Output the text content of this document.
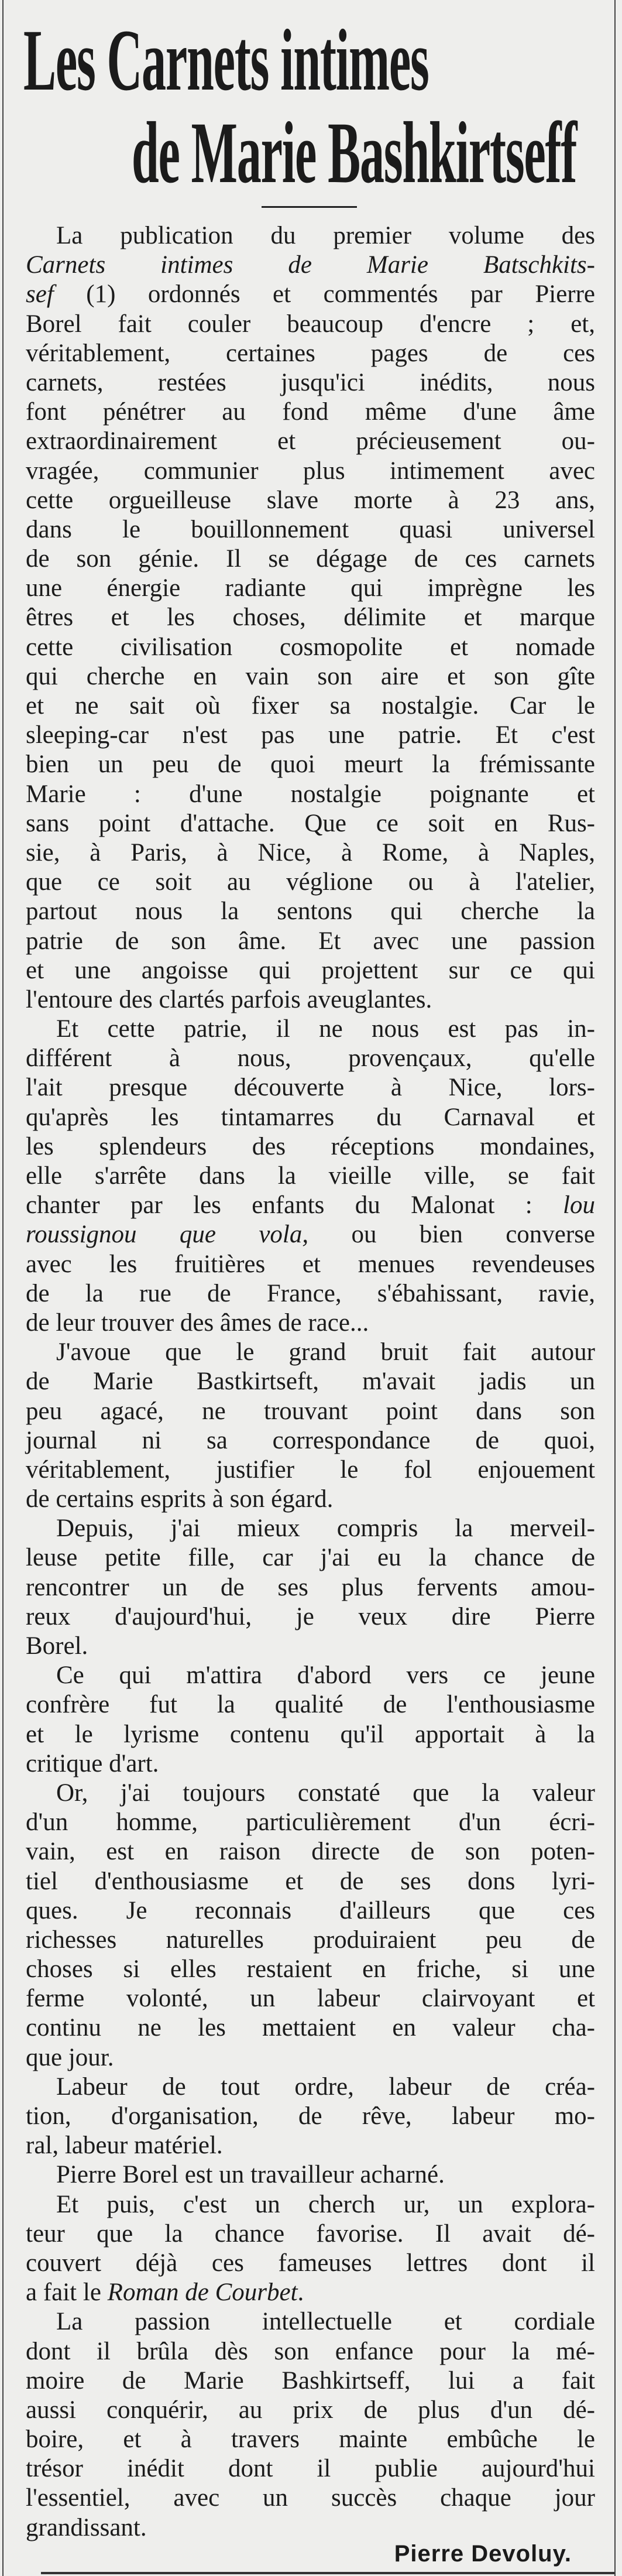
Les Carnets intimes
de Marie Bashkirtseff
La publication du premier volume des
Carnets intimes de Marie Batschkits-
sef (1) ordonnés et commentés par Pierre
Borel fait couler beaucoup d'encre ; et,
véritablement, certaines pages de ces
carnets, restées jusqu'ici inédits, nous
font pénétrer au fond même d'une âme
extraordinairement et précieusement ou-
vragée, communier plus intimement avec
cette orgueilleuse slave morte à 23 ans,
dans le bouillonnement quasi universel
de son génie. Il se dégage de ces carnets
une énergie radiante qui imprègne les
êtres et les choses, délimite et marque
cette civilisation cosmopolite et nomade
qui cherche en vain son aire et son gîte
et ne sait où fixer sa nostalgie. Car le
sleeping-car n'est pas une patrie. Et c'est
bien un peu de quoi meurt la frémissante
Marie : d'une nostalgie poignante et
sans point d'attache. Que ce soit en Rus-
sie, à Paris, à Nice, à Rome, à Naples,
que ce soit au véglione ou à l'atelier,
partout nous la sentons qui cherche la
patrie de son âme. Et avec une passion
et une angoisse qui projettent sur ce qui
l'entoure des clartés parfois aveuglantes.
Et cette patrie, il ne nous est pas in-
différent à nous, provençaux, qu'elle
l'ait presque découverte à Nice, lors-
qu'après les tintamarres du Carnaval et
les splendeurs des réceptions mondaines,
elle s'arrête dans la vieille ville, se fait
chanter par les enfants du Malonat : lou
roussignou que vola, ou bien converse
avec les fruitières et menues revendeuses
de la rue de France, s'ébahissant, ravie,
de leur trouver des âmes de race...
J'avoue que le grand bruit fait autour
de Marie Bastkirtseft, m'avait jadis un
peu agacé, ne trouvant point dans son
journal ni sa correspondance de quoi,
véritablement, justifier le fol enjouement
de certains esprits à son égard.
Depuis, j'ai mieux compris la merveil-
leuse petite fille, car j'ai eu la chance de
rencontrer un de ses plus fervents amou-
reux d'aujourd'hui, je veux dire Pierre
Borel.
Ce qui m'attira d'abord vers ce jeune
confrère fut la qualité de l'enthousiasme
et le lyrisme contenu qu'il apportait à la
critique d'art.
Or, j'ai toujours constaté que la valeur
d'un homme, particulièrement d'un écri-
vain, est en raison directe de son poten-
tiel d'enthousiasme et de ses dons lyri-
ques. Je reconnais d'ailleurs que ces
richesses naturelles produiraient peu de
choses si elles restaient en friche, si une
ferme volonté, un labeur clairvoyant et
continu ne les mettaient en valeur cha-
que jour.
Labeur de tout ordre, labeur de créa-
tion, d'organisation, de rêve, labeur mo-
ral, labeur matériel.
Pierre Borel est un travailleur acharné.
Et puis, c'est un cherch ur, un explora-
teur que la chance favorise. Il avait dé-
couvert déjà ces fameuses lettres dont il
a fait le Roman de Courbet.
La passion intellectuelle et cordiale
dont il brûla dès son enfance pour la mé-
moire de Marie Bashkirtseff, lui a fait
aussi conquérir, au prix de plus d'un dé-
boire, et à travers mainte embûche le
trésor inédit dont il publie aujourd'hui
l'essentiel, avec un succès chaque jour
grandissant.
Pierre Devoluy.
